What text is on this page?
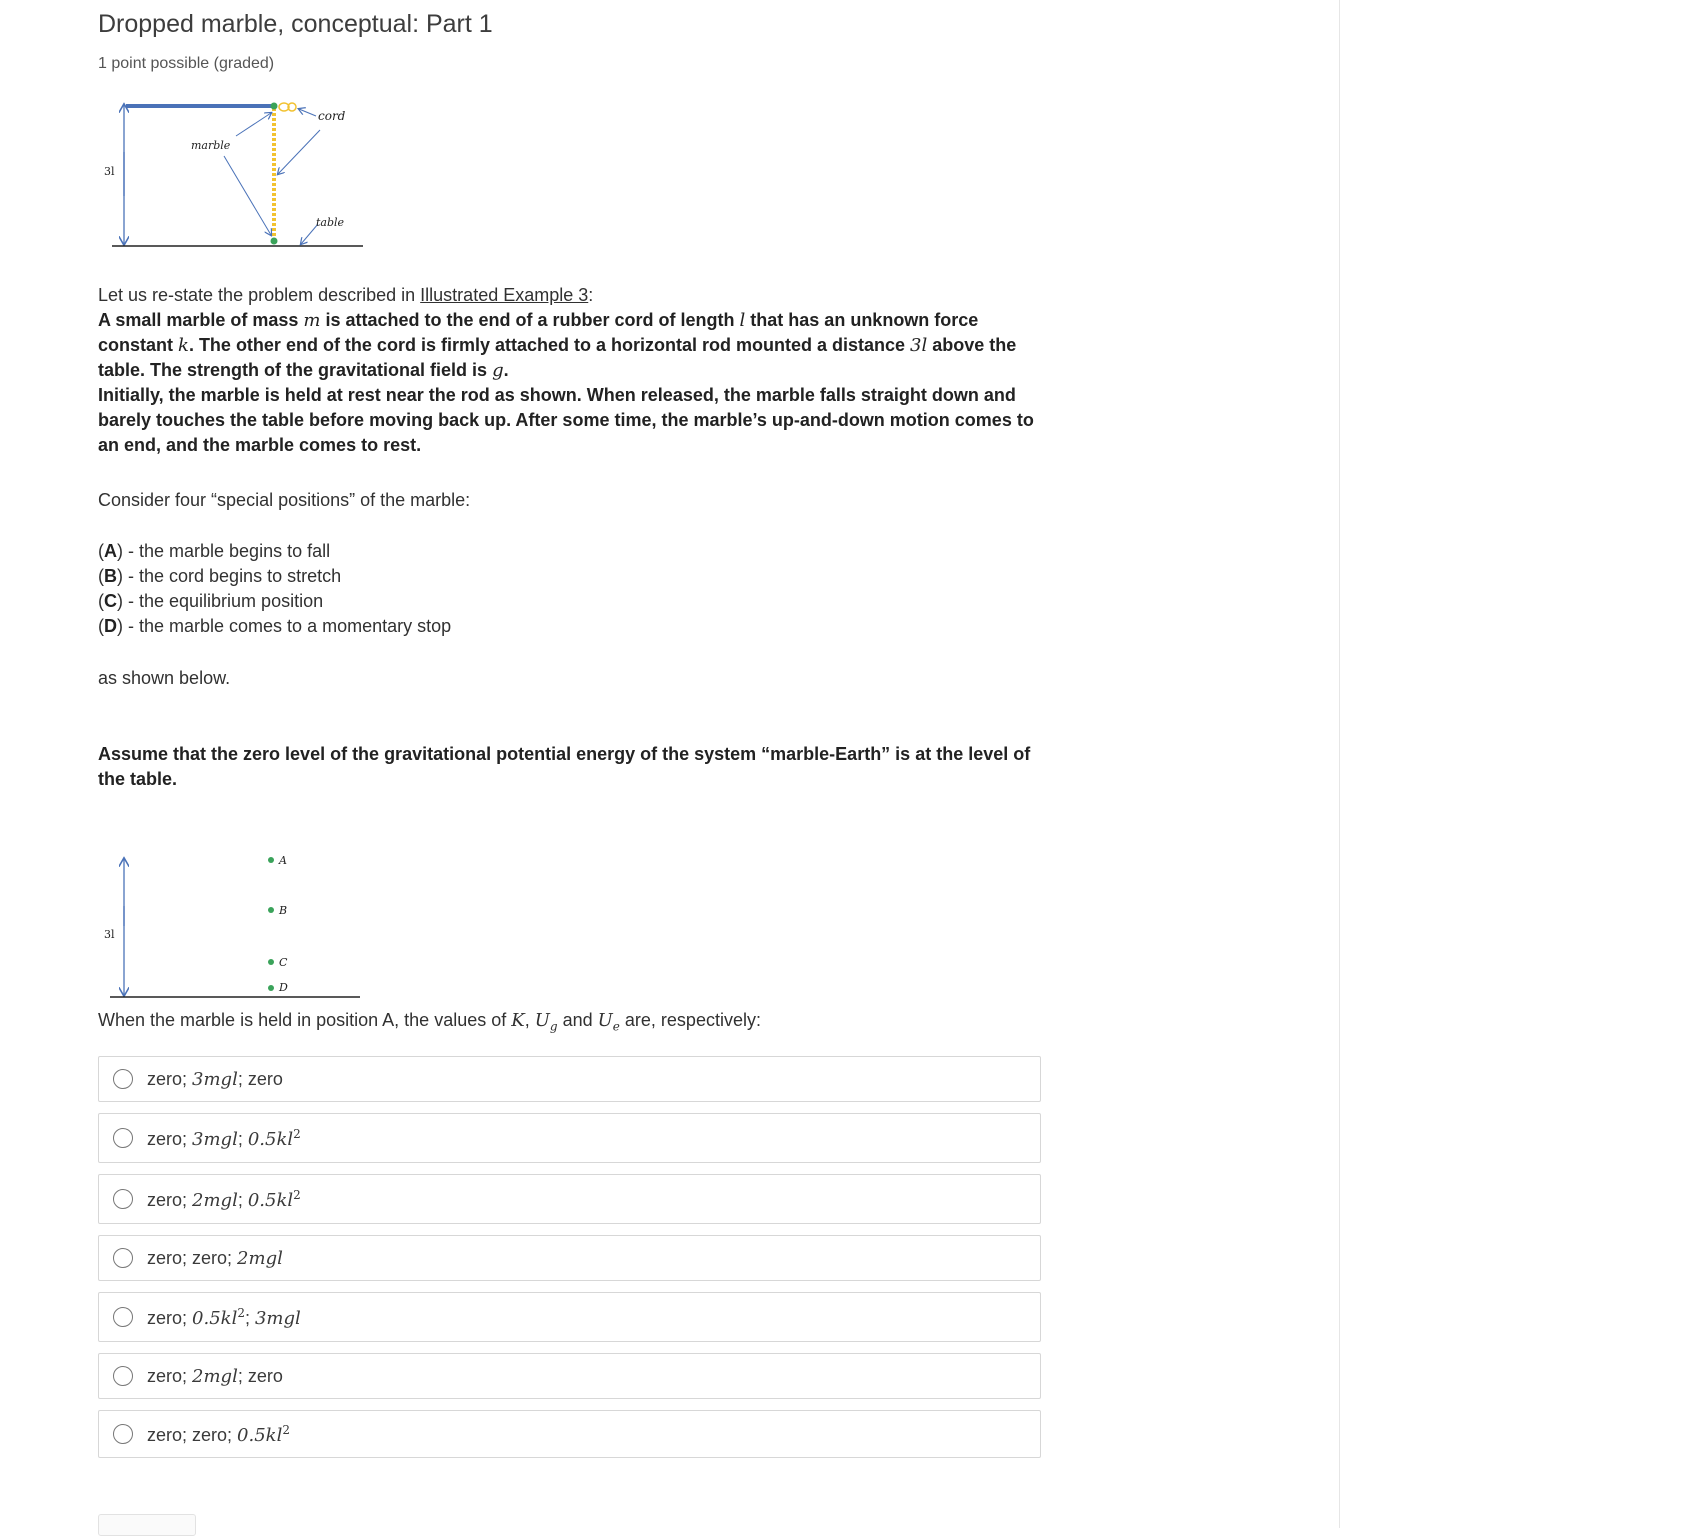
Dropped marble, conceptual: Part 1
1 point possible (graded)
cord
marble
table
3l
Let us re-state the problem described in Illustrated Example 3:
A small marble of mass m is attached to the end of a rubber cord of length l that has an unknown force constant k. The other end of the cord is firmly attached to a horizontal rod mounted a distance 3l above the table. The strength of the gravitational field is g.
Initially, the marble is held at rest near the rod as shown. When released, the marble falls straight down and barely touches the table before moving back up. After some time, the marble’s up-and-down motion comes to an end, and the marble comes to rest.
Consider four “special positions” of the marble:
(A) - the marble begins to fall
(B) - the cord begins to stretch
(C) - the equilibrium position
(D) - the marble comes to a momentary stop
as shown below.
Assume that the zero level of the gravitational potential energy of the system “marble-Earth” is at the level of the table.
A
B
C
D
3l
When the marble is held in position A, the values of K, $U_g$ and $U_e$ are, respectively:
zero; 3mgl; zero
zero; 3mgl; $0.5kl^2$
zero; 2mgl; $0.5kl^2$
zero; zero; 2mgl
zero; $0.5kl^2$; 3mgl
zero; 2mgl; zero
zero; zero; $0.5kl^2$
